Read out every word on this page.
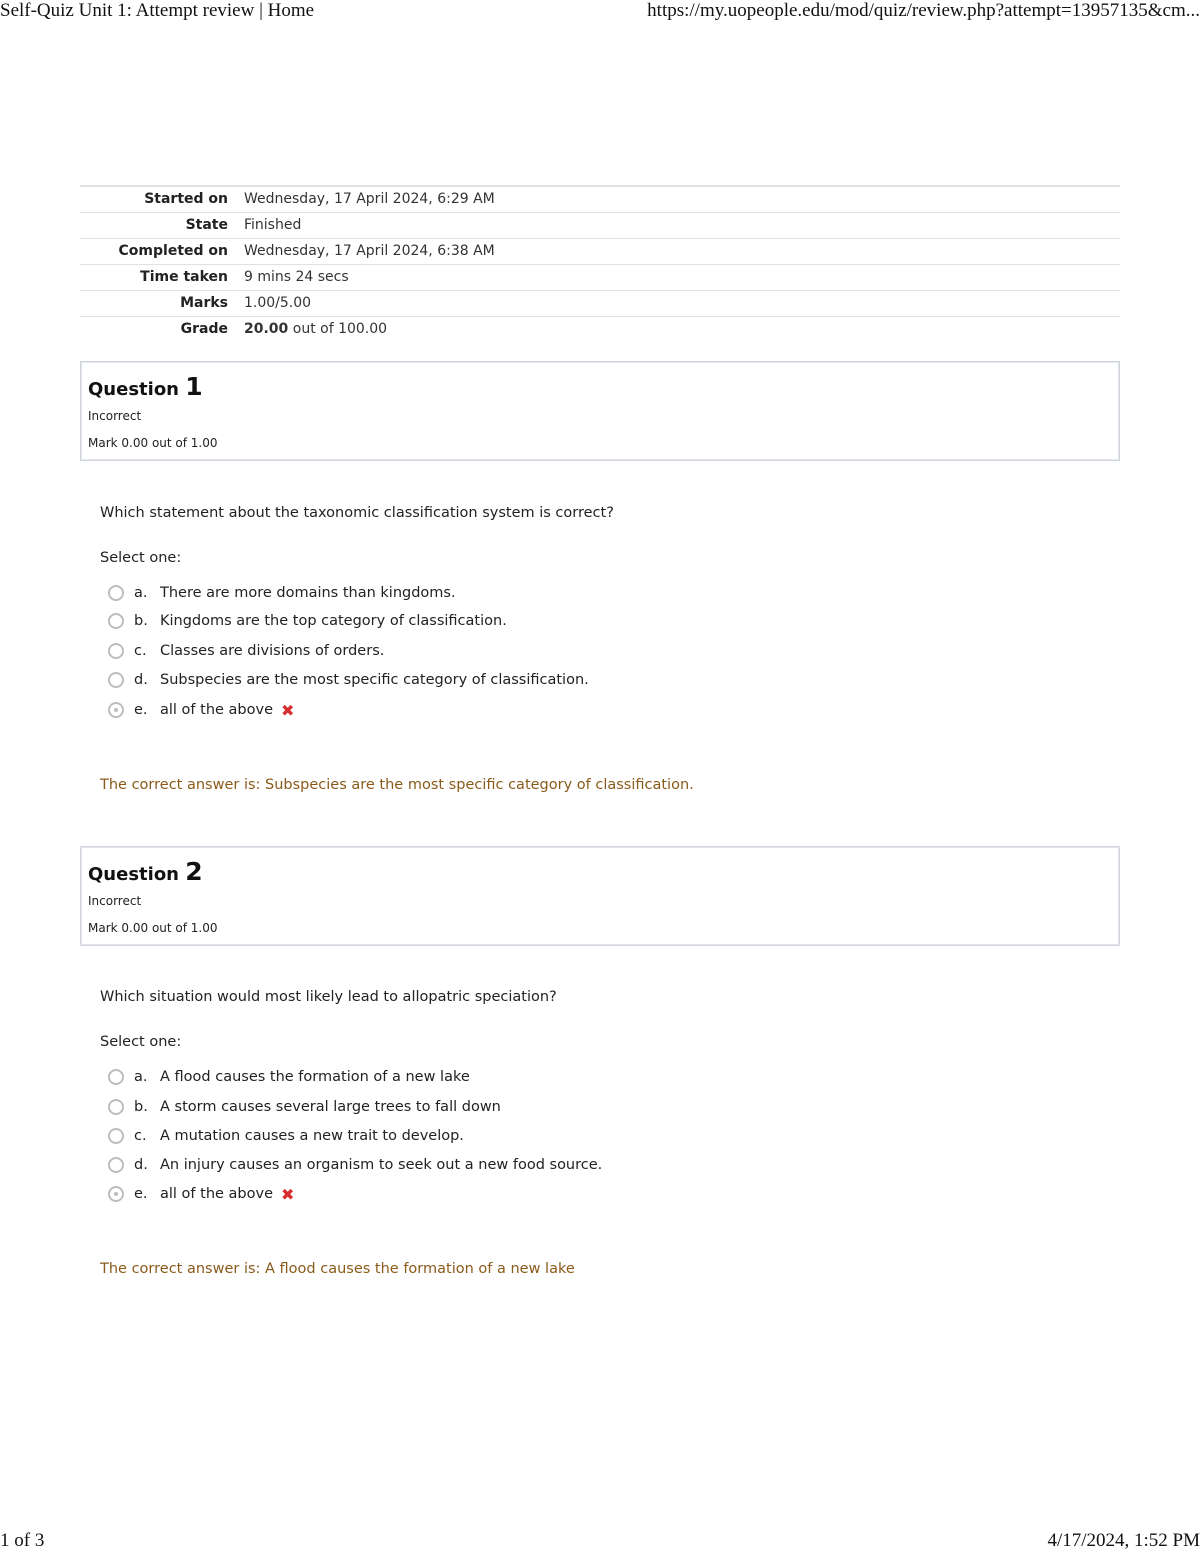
Self-Quiz Unit 1: Attempt review | Home	https://my.uopeople.edu/mod/quiz/review.php?attempt=13957135&cm...
Started on	Wednesday, 17 April 2024, 6:29 AM
State	Finished
Completed on	Wednesday, 17 April 2024, 6:38 AM
Time taken	9 mins 24 secs
Marks	1.00/5.00
Grade	20.00 out of 100.00
Question 1
Incorrect
Mark 0.00 out of 1.00
Which statement about the taxonomic classification system is correct?
Select one:
a. There are more domains than kingdoms.
b. Kingdoms are the top category of classification.
c. Classes are divisions of orders.
d. Subspecies are the most specific category of classification.
e. all of the above ✖
The correct answer is: Subspecies are the most specific category of classification.
Question 2
Incorrect
Mark 0.00 out of 1.00
Which situation would most likely lead to allopatric speciation?
Select one:
a. A flood causes the formation of a new lake
b. A storm causes several large trees to fall down
c. A mutation causes a new trait to develop.
d. An injury causes an organism to seek out a new food source.
e. all of the above ✖
The correct answer is: A flood causes the formation of a new lake
1 of 3	4/17/2024, 1:52 PM
